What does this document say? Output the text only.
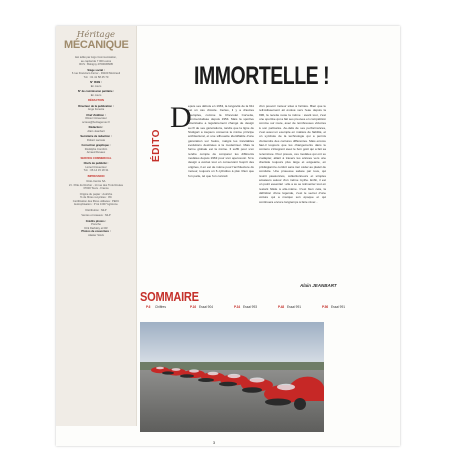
Héritage
MÉCANIQUE
Est édité par Argo Communication,
au capital de 7 000 euros
RCS : Bobigny 470003660B

Siège social :
6 rue Francisco Ferrer - 93100 Montreuil
Tél. : 01 41 58 45 70

N° ISSN :
En cours

N° de commission paritaire :
En cours

RÉDACTION

Directeur de la publication :
Ange Fenetra

Chef d'édition :
Olivier Crèvecœur
ocreve@heritagemec.fr

Rédaction :
Alain Jeanbart

Secrétaire de rédaction :
Robert Lacoste

Correction graphique :
Rodolphe Combrin
Arnaud Devaux

SERVICE COMMERCIAL

Chefs de publicité :
Lionel Crèvecœur
Tél. : 06 14 15 18 31

IMPRESSION

Roto-Centre SA
Z.I. Pôle du Rocher - 14 rue des Trois Routes
37000 Tours - France

Origine du papier : Autriche
% de fibres recyclées : 0%
Certification des fibres utilisées : PEFC
Eutrophisation : P tot 0.007 kg/tonne

Distribution : MLP

Ventes et réseaux : MLP

Crédits photos :
Porsche
Dirk Darbéky et DR
Photos de couverture :
Alaster Stock
IMMORTELLE !
ÉDITO
D
epuis ses débuts en 1963, la longévité de la 911 est un cas d'école. Certes, il y a d'autres exemples, comme la Chevrolet Corvette, commercialisée depuis 1954. Mais la sportive américaine a régulièrement changé de design au fil de ses générations, tandis que la ligne de Stuttgart a toujours conservé le même principe architectural, et une silhouette identifiable d'une génération sur l'autre, malgré les inévitables évolutions destinées à la moderniser. Mais la forme globale est la même. Il suffit pour s'en rendre compte de comparer les différents modèles depuis 1963 pour s'en apercevoir. Si le design a évolué tout en conservant l'esprit des origines, il en est de même pour l'architecture du moteur, toujours un 6 cylindres à plat. Rien que l'on parle, tel que l'on connaît
d'un pouvoir moteur situé à l'arrière. Bien que le refroidissement ait évolué vers l'eau depuis la 996, la recette reste la même : avant tout, c'est une sportive qui a fait ses preuves en compétition comme sur route, avec de nombreuses victoires à son palmarès. Au-delà de ses performances, c'est aussi un exemple en matière de fiabilité, et un symbole de la technologie qui a permis d'entendre des carrures différentes. Mais encore faut-il toujours que les changements dans le contenu s'intègrent avec le bon goût qui a fait sa renommée. Pour preuve, ces modèles qui ont su s'adapter, allant à travers les années vers une clientèle toujours plus large et exigeante, en privilégiant le confort sans rien céder au plaisir de conduite. Une prouesse saluée par tous, qui réunit passionnés, collectionneurs et simples amateurs autour d'un même mythe. Enfin, il est un point essentiel : elle a su se réinventer tout en restant fidèle à elle-même. C'est bien cela, la définition d'une légende, c'est le secret d'une voiture qui a marqué son époque et qui continuera encore longtemps à faire rêver...
Alain JEANBART
SOMMAIRE
P.6 Chiffres	P.16 Essai 904	P.34 Essai 993	P.48 Essai 991	P.56 Essai 991
3
